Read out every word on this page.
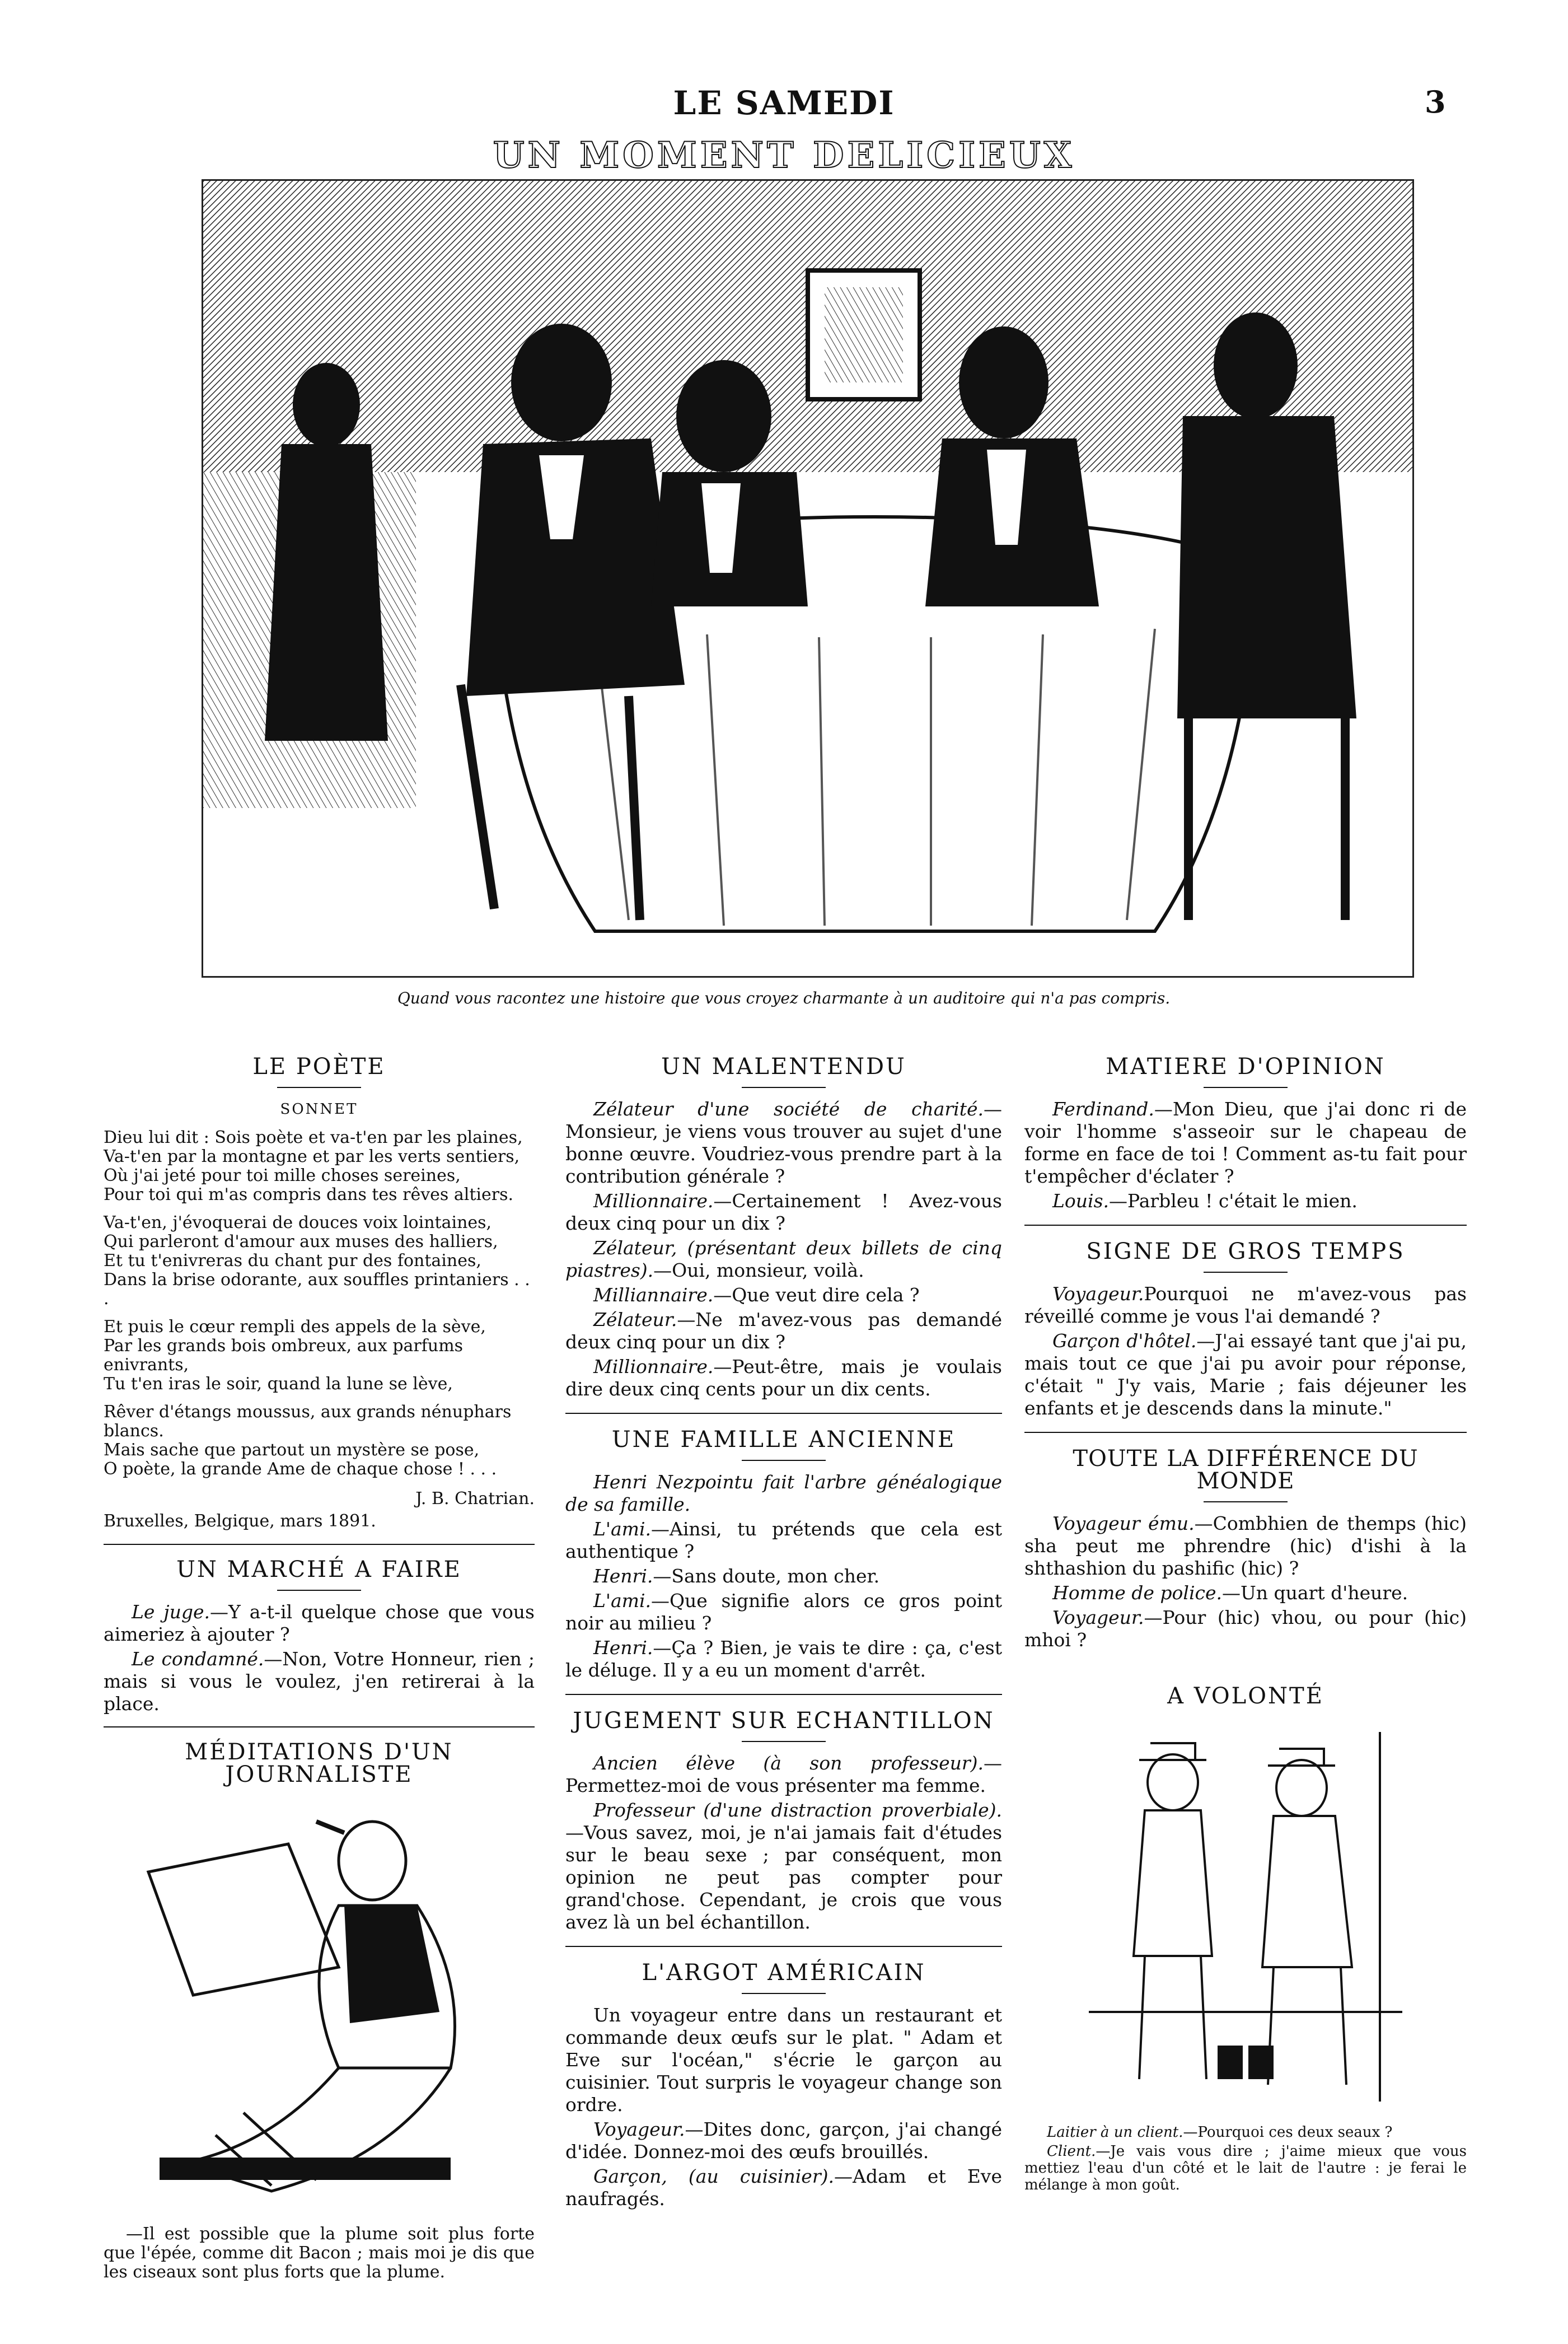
LE SAMEDI	3
UN MOMENT DELICIEUX
Quand vous racontez une histoire que vous croyez charmante à un auditoire qui n'a pas compris.
LE POÈTE
SONNET
Dieu lui dit : Sois poète et va-t'en par les plaines,
Va-t'en par la montagne et par les verts sentiers,
Où j'ai jeté pour toi mille choses sereines,
Pour toi qui m'as compris dans tes rêves altiers.
Va-t'en, j'évoquerai de douces voix lointaines,
Qui parleront d'amour aux muses des halliers,
Et tu t'enivreras du chant pur des fontaines,
Dans la brise odorante, aux souffles printaniers . . .
Et puis le cœur rempli des appels de la sève,
Par les grands bois ombreux, aux parfums enivrants,
Tu t'en iras le soir, quand la lune se lève,
Rêver d'étangs moussus, aux grands nénuphars blancs.
Mais sache que partout un mystère se pose,
O poète, la grande Ame de chaque chose ! . . .
J. B. Chatrian.
Bruxelles, Belgique, mars 1891.
UN MARCHÉ A FAIRE

Le juge.—Y a-t-il quelque chose que vous aimeriez à ajouter ?

Le condamné.—Non, Votre Honneur, rien ; mais si vous le voulez, j'en retirerai à la place.

MÉDITATIONS D'UN JOURNALISTE

—Il est possible que la plume soit plus forte que l'épée, comme dit Bacon ; mais moi je dis que les ciseaux sont plus forts que la plume.

UN MALENTENDU

Zélateur d'une société de charité.—Monsieur, je viens vous trouver au sujet d'une bonne œuvre. Voudriez-vous prendre part à la contribution générale ?

Millionnaire.—Certainement ! Avez-vous deux cinq pour un dix ?

Zélateur, (présentant deux billets de cinq piastres).—Oui, monsieur, voilà.

Milliannaire.—Que veut dire cela ?

Zélateur.—Ne m'avez-vous pas demandé deux cinq pour un dix ?

Millionnaire.—Peut-être, mais je voulais dire deux cinq cents pour un dix cents.

UNE FAMILLE ANCIENNE

Henri Nezpointu fait l'arbre généalogique de sa famille.

L'ami.—Ainsi, tu prétends que cela est authentique ?

Henri.—Sans doute, mon cher.

L'ami.—Que signifie alors ce gros point noir au milieu ?

Henri.—Ça ? Bien, je vais te dire : ça, c'est le déluge. Il y a eu un moment d'arrêt.

JUGEMENT SUR ECHANTILLON

Ancien élève (à son professeur).—Permettez-moi de vous présenter ma femme.

Professeur (d'une distraction proverbiale).—Vous savez, moi, je n'ai jamais fait d'études sur le beau sexe ; par conséquent, mon opinion ne peut pas compter pour grand'chose. Cependant, je crois que vous avez là un bel échantillon.

L'ARGOT AMÉRICAIN

Un voyageur entre dans un restaurant et commande deux œufs sur le plat. " Adam et Eve sur l'océan," s'écrie le garçon au cuisinier. Tout surpris le voyageur change son ordre.

Voyageur.—Dites donc, garçon, j'ai changé d'idée. Donnez-moi des œufs brouillés.

Garçon, (au cuisinier).—Adam et Eve naufragés.

MATIERE D'OPINION

Ferdinand.—Mon Dieu, que j'ai donc ri de voir l'homme s'asseoir sur le chapeau de forme en face de toi ! Comment as-tu fait pour t'empêcher d'éclater ?

Louis.—Parbleu ! c'était le mien.

SIGNE DE GROS TEMPS

Voyageur.Pourquoi ne m'avez-vous pas réveillé comme je vous l'ai demandé ?

Garçon d'hôtel.—J'ai essayé tant que j'ai pu, mais tout ce que j'ai pu avoir pour réponse, c'était " J'y vais, Marie ; fais déjeuner les enfants et je descends dans la minute."

TOUTE LA DIFFÉRENCE DU MONDE

Voyageur ému.—Combhien de themps (hic) sha peut me phrendre (hic) d'ishi à la shthashion du pashific (hic) ?

Homme de police.—Un quart d'heure.

Voyageur.—Pour (hic) vhou, ou pour (hic) mhoi ?

A VOLONTÉ

Laitier à un client.—Pourquoi ces deux seaux ?

Client.—Je vais vous dire ; j'aime mieux que vous mettiez l'eau d'un côté et le lait de l'autre : je ferai le mélange à mon goût.
